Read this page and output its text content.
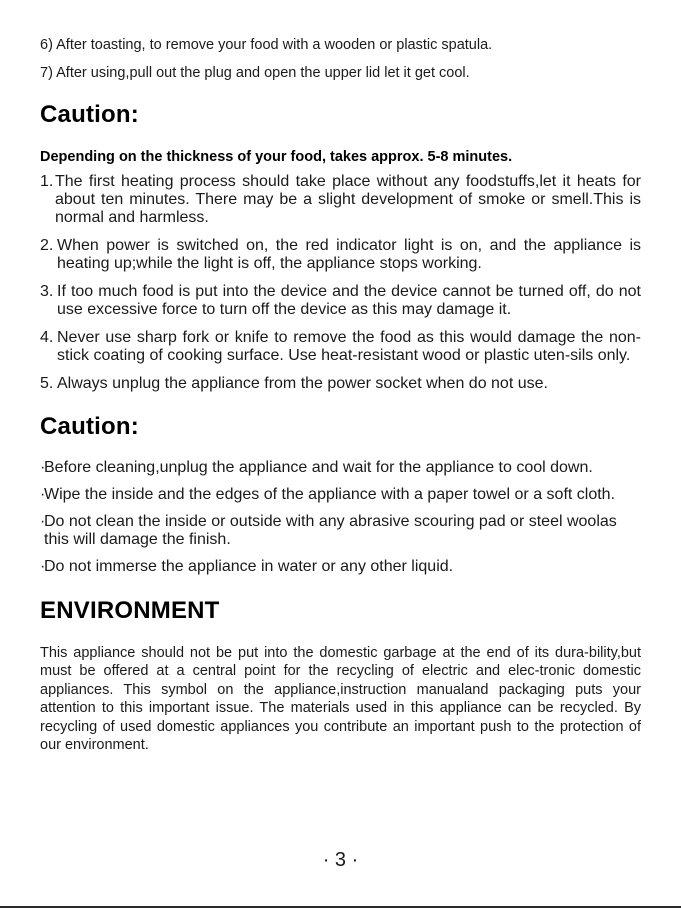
6) After toasting, to remove your food with a wooden or plastic spatula.

7) After using,pull out the plug and open the upper lid let it get cool.

Caution:

Depending on the thickness of your food, takes approx. 5-8 minutes.

1. The first heating process should take place without any foodstuffs,let it heats for about ten minutes. There may be a slight development of smoke or smell.This is normal and harmless.
2. When power is switched on, the red indicator light is on, and the appliance is heating up;while the light is off, the appliance stops working.
3. If too much food is put into the device and the device cannot be turned off, do not use excessive force to turn off the device as this may damage it.
4. Never use sharp fork or knife to remove the food as this would damage the non-stick coating of cooking surface. Use heat-resistant wood or plastic uten-sils only.
5. Always unplug the appliance from the power socket when do not use.
Caution:
·
Before cleaning,unplug the appliance and wait for the appliance to cool down.
·
Wipe the inside and the edges of the appliance with a paper towel or a soft cloth.
·
Do not clean the inside or outside with any abrasive scouring pad or steel woolas this will damage the finish.
·
Do not immerse the appliance in water or any other liquid.
ENVIRONMENT

This appliance should not be put into the domestic garbage at the end of its dura-bility,but must be offered at a central point for the recycling of electric and elec-tronic domestic appliances. This symbol on the appliance,instruction manualand packaging puts your attention to this important issue. The materials used in this appliance can be recycled. By recycling of used domestic appliances you contribute an important push to the protection of our environment.

· 3 ·
